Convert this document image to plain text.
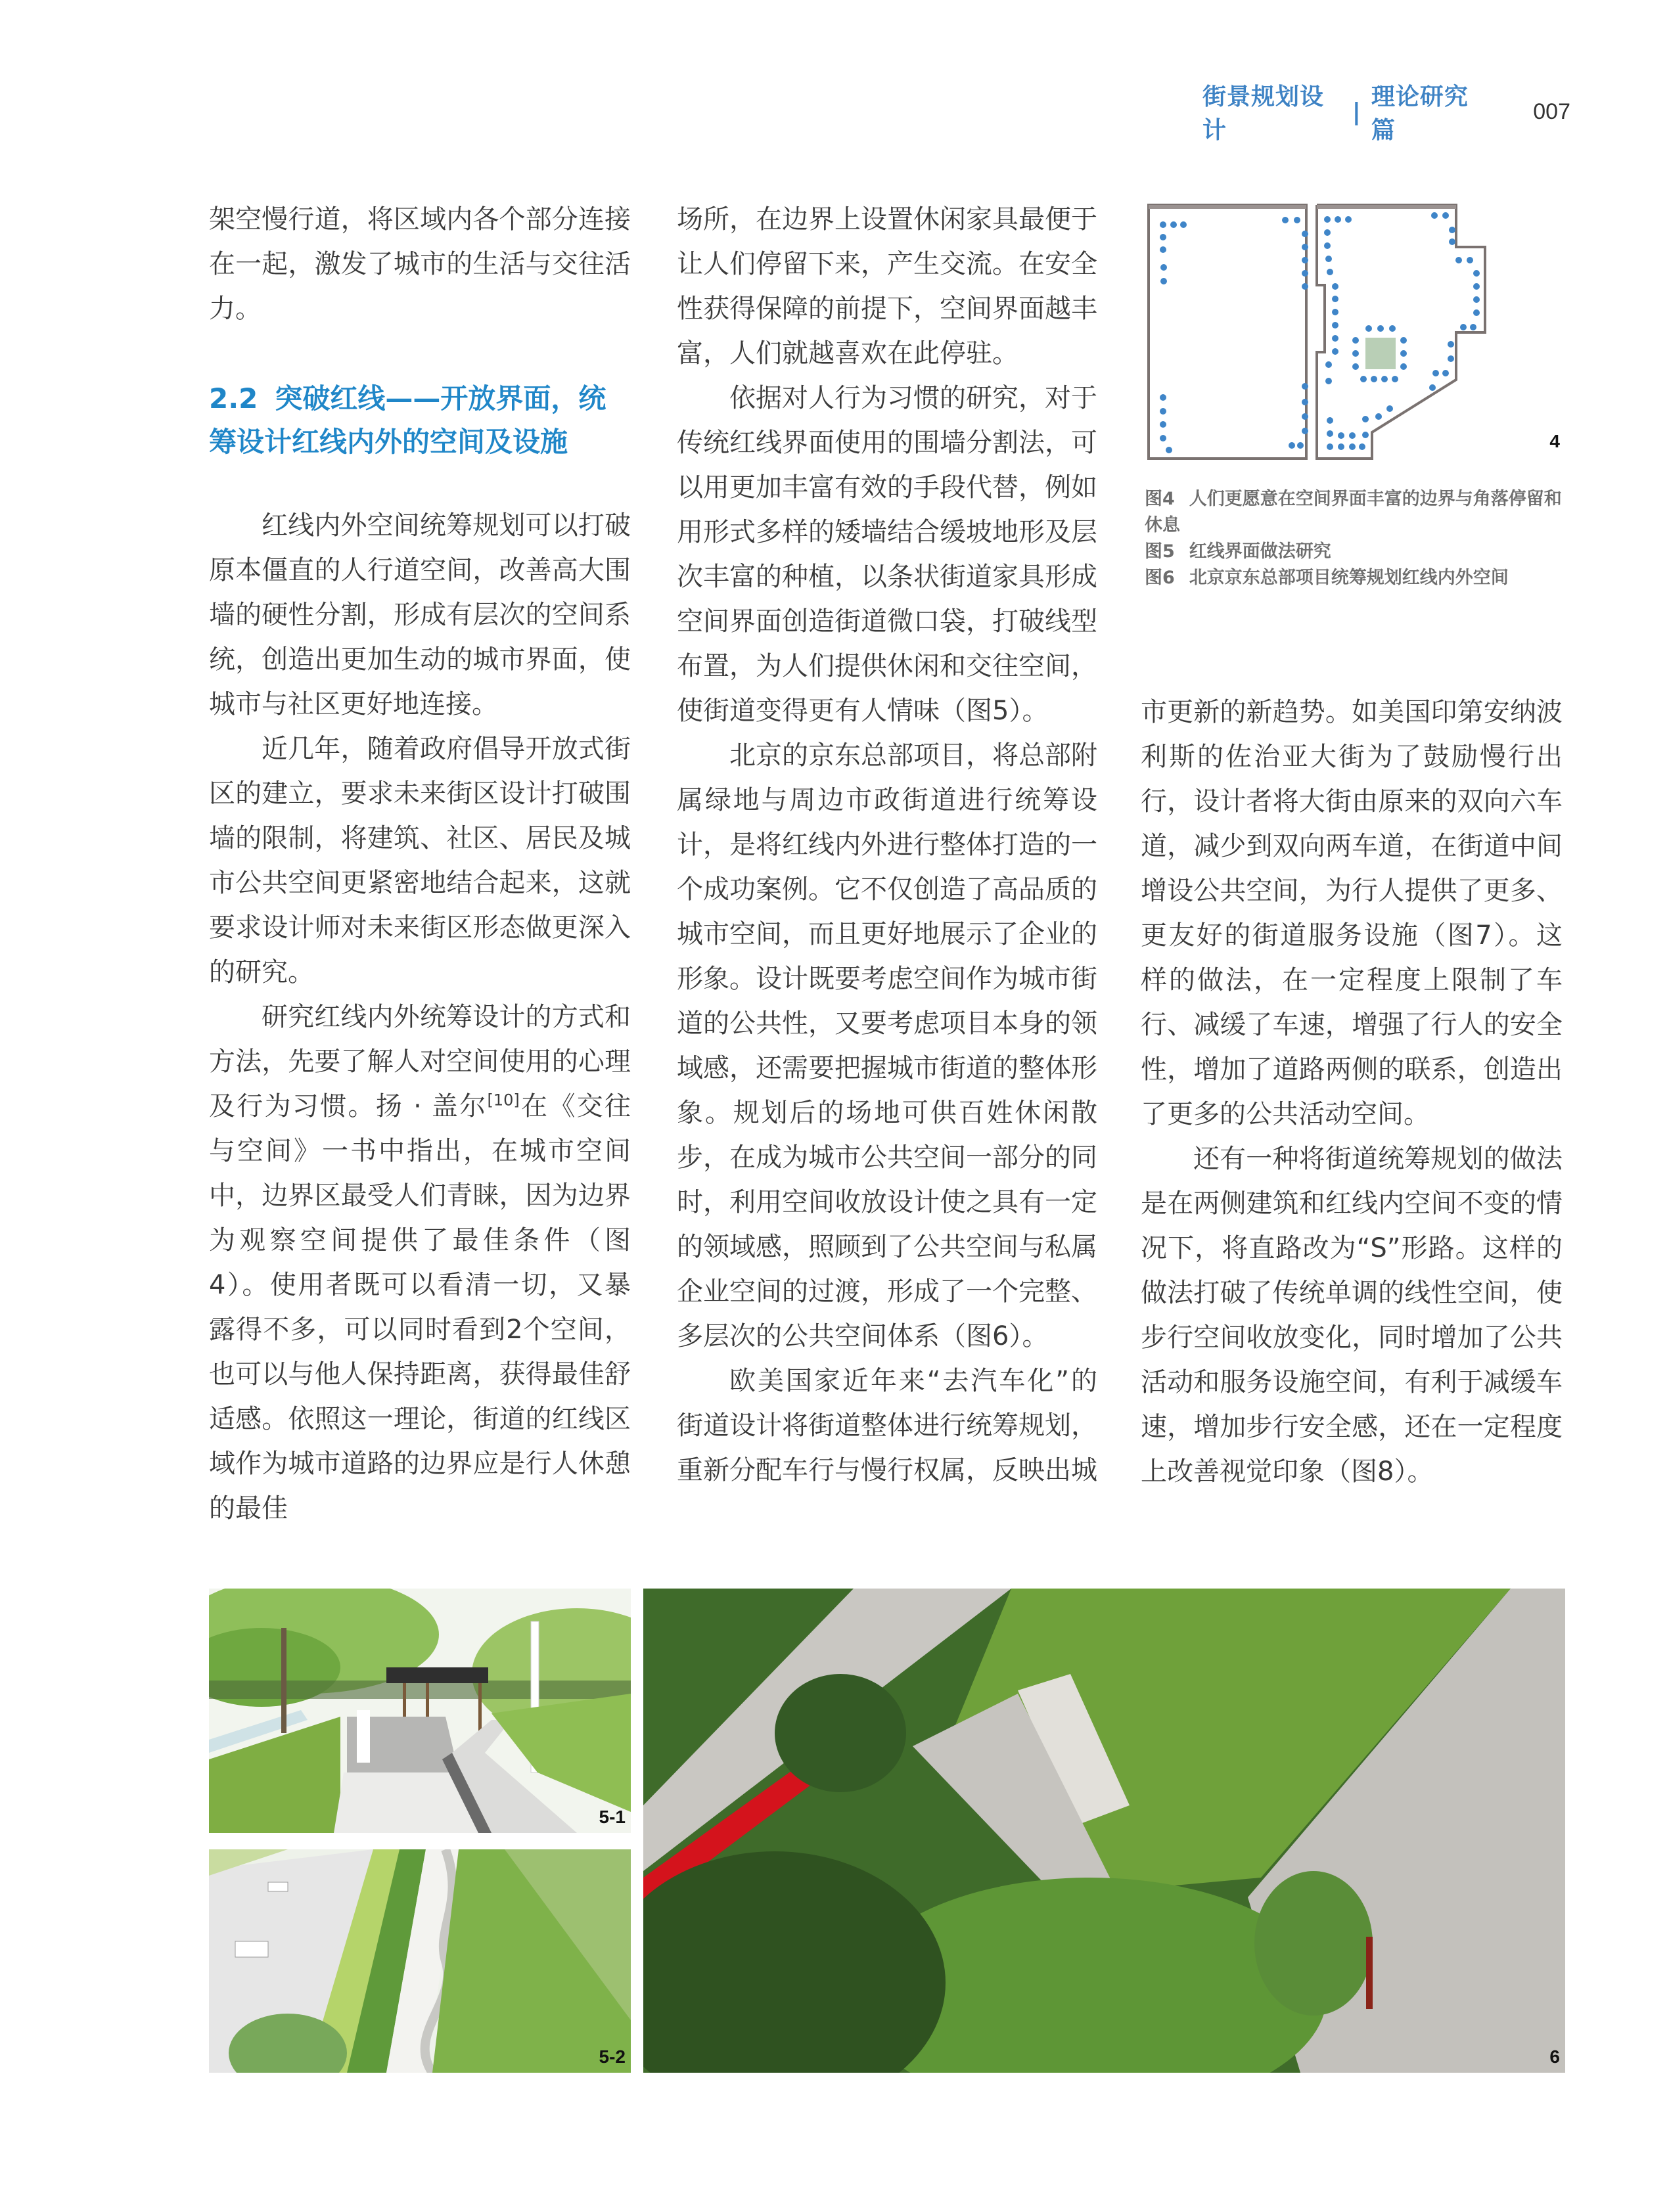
街景规划设计
|
理论研究篇
007

架空慢行道，将区域内各个部分连接在一起，激发了城市的生活与交往活力。

2.2 突破红线——开放界面，统筹设计红线内外的空间及设施

红线内外空间统筹规划可以打破原本僵直的人行道空间，改善高大围墙的硬性分割，形成有层次的空间系统，创造出更加生动的城市界面，使城市与社区更好地连接。

近几年，随着政府倡导开放式街区的建立，要求未来街区设计打破围墙的限制，将建筑、社区、居民及城市公共空间更紧密地结合起来，这就要求设计师对未来街区形态做更深入的研究。

研究红线内外统筹设计的方式和方法，先要了解人对空间使用的心理及行为习惯。扬 · 盖尔[10]在《交往与空间》一书中指出，在城市空间中，边界区最受人们青睐，因为边界为观察空间提供了最佳条件（图4）。使用者既可以看清一切，又暴露得不多，可以同时看到2个空间，也可以与他人保持距离，获得最佳舒适感。依照这一理论，街道的红线区域作为城市道路的边界应是行人休憩的最佳

场所，在边界上设置休闲家具最便于让人们停留下来，产生交流。在安全性获得保障的前提下，空间界面越丰富，人们就越喜欢在此停驻。

依据对人行为习惯的研究，对于传统红线界面使用的围墙分割法，可以用更加丰富有效的手段代替，例如用形式多样的矮墙结合缓坡地形及层次丰富的种植，以条状街道家具形成空间界面创造街道微口袋，打破线型布置，为人们提供休闲和交往空间，使街道变得更有人情味（图5）。

北京的京东总部项目，将总部附属绿地与周边市政街道进行统筹设计，是将红线内外进行整体打造的一个成功案例。它不仅创造了高品质的城市空间，而且更好地展示了企业的形象。设计既要考虑空间作为城市街道的公共性，又要考虑项目本身的领域感，还需要把握城市街道的整体形象。规划后的场地可供百姓休闲散步，在成为城市公共空间一部分的同时，利用空间收放设计使之具有一定的领域感，照顾到了公共空间与私属企业空间的过渡，形成了一个完整、多层次的公共空间体系（图6）。

欧美国家近年来“去汽车化”的街道设计将街道整体进行统筹规划，重新分配车行与慢行权属，反映出城

4
图4 人们更愿意在空间界面丰富的边界与角落停留和休息
图5 红线界面做法研究
图6 北京京东总部项目统筹规划红线内外空间

市更新的新趋势。如美国印第安纳波利斯的佐治亚大街为了鼓励慢行出行，设计者将大街由原来的双向六车道，减少到双向两车道，在街道中间增设公共空间，为行人提供了更多、更友好的街道服务设施（图7）。这样的做法，在一定程度上限制了车行、减缓了车速，增强了行人的安全性，增加了道路两侧的联系，创造出了更多的公共活动空间。

还有一种将街道统筹规划的做法是在两侧建筑和红线内空间不变的情况下，将直路改为“S”形路。这样的做法打破了传统单调的线性空间，使步行空间收放变化，同时增加了公共活动和服务设施空间，有利于减缓车速，增加步行安全感，还在一定程度上改善视觉印象（图8）。

5-1
5-2	6
